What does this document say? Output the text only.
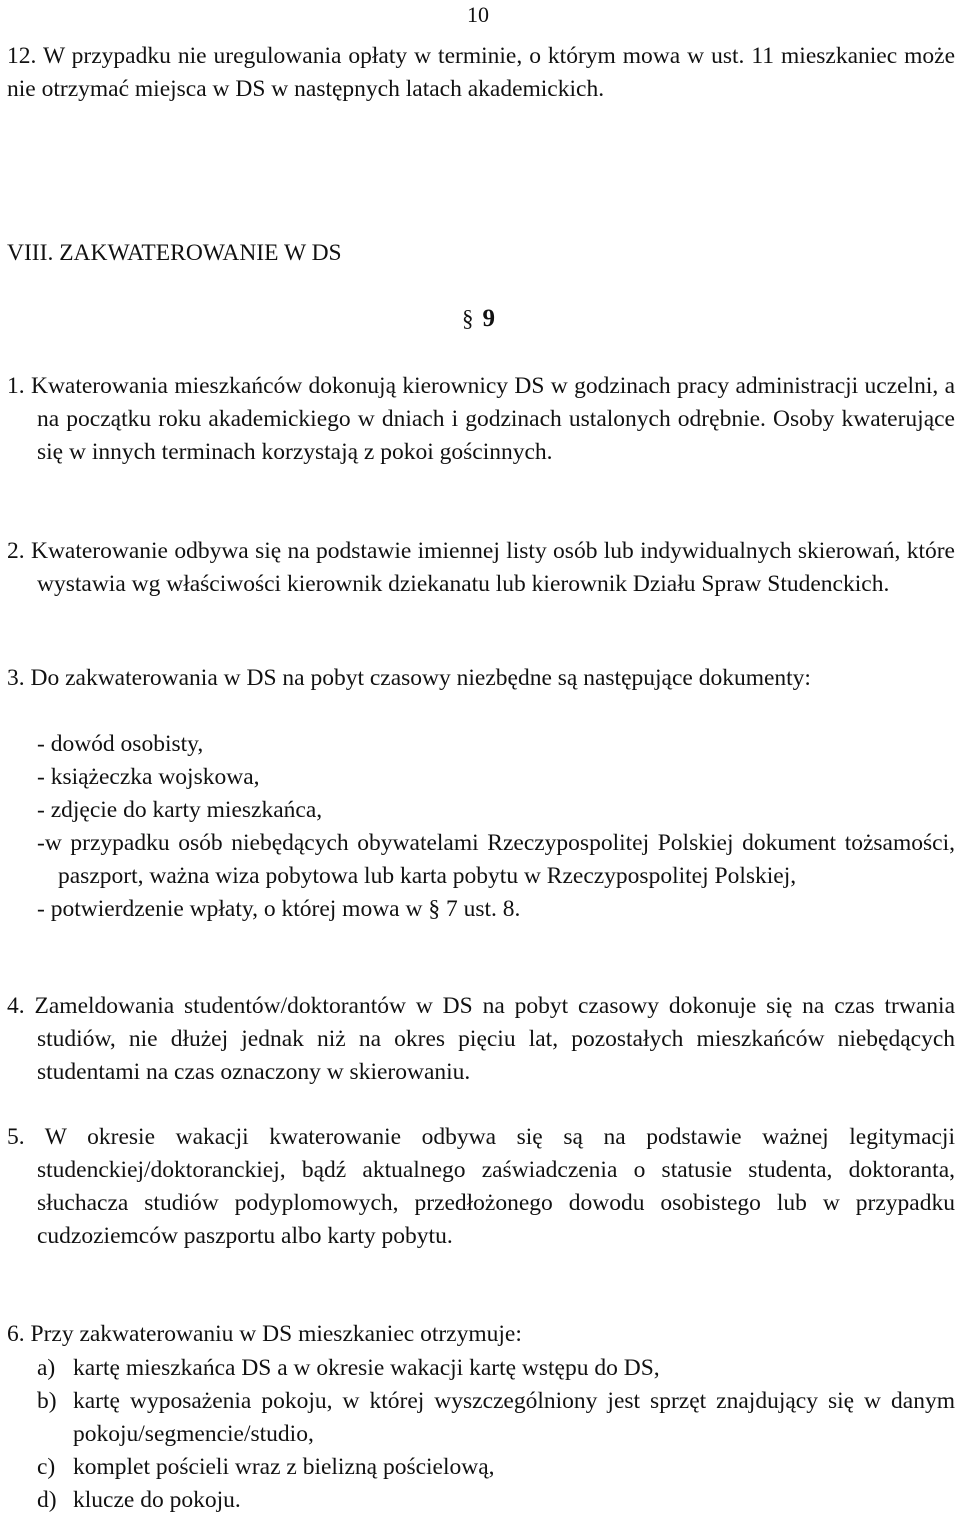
10
12. W przypadku nie uregulowania opłaty w terminie, o którym mowa w ust. 11 mieszkaniec może nie otrzymać miejsca w DS w następnych latach akademickich.
VIII. ZAKWATEROWANIE W DS
§ 9
1. Kwaterowania mieszkańców dokonują kierownicy DS w godzinach pracy administracji uczelni, a na początku roku akademickiego w dniach i godzinach ustalonych odrębnie. Osoby kwaterujące się w innych terminach korzystają z pokoi gościnnych.
2. Kwaterowanie odbywa się na podstawie imiennej listy osób lub indywidualnych skierowań, które wystawia wg właściwości kierownik dziekanatu lub kierownik Działu Spraw Studenckich.
3. Do zakwaterowania w DS na pobyt czasowy niezbędne są następujące dokumenty:
- dowód osobisty,
- książeczka wojskowa,
- zdjęcie do karty mieszkańca,
-w przypadku osób niebędących obywatelami Rzeczypospolitej Polskiej dokument tożsamości, paszport, ważna wiza pobytowa lub karta pobytu w Rzeczypospolitej Polskiej,
- potwierdzenie wpłaty, o której mowa w § 7 ust. 8.
4. Zameldowania studentów/doktorantów w DS na pobyt czasowy dokonuje się na czas trwania studiów, nie dłużej jednak niż na okres pięciu lat, pozostałych mieszkańców niebędących studentami na czas oznaczony w skierowaniu.
5. W okresie wakacji kwaterowanie odbywa się są na podstawie ważnej legitymacji studenckiej/doktoranckiej, bądź aktualnego zaświadczenia o statusie studenta, doktoranta, słuchacza studiów podyplomowych, przedłożonego dowodu osobistego lub w przypadku cudzoziemców paszportu albo karty pobytu.
6. Przy zakwaterowaniu w DS mieszkaniec otrzymuje:
a) kartę mieszkańca DS a w okresie wakacji kartę wstępu do DS,
b) kartę wyposażenia pokoju, w której wyszczególniony jest sprzęt znajdujący się w danym pokoju/segmencie/studio,
c) komplet pościeli wraz z bielizną pościelową,
d) klucze do pokoju.
